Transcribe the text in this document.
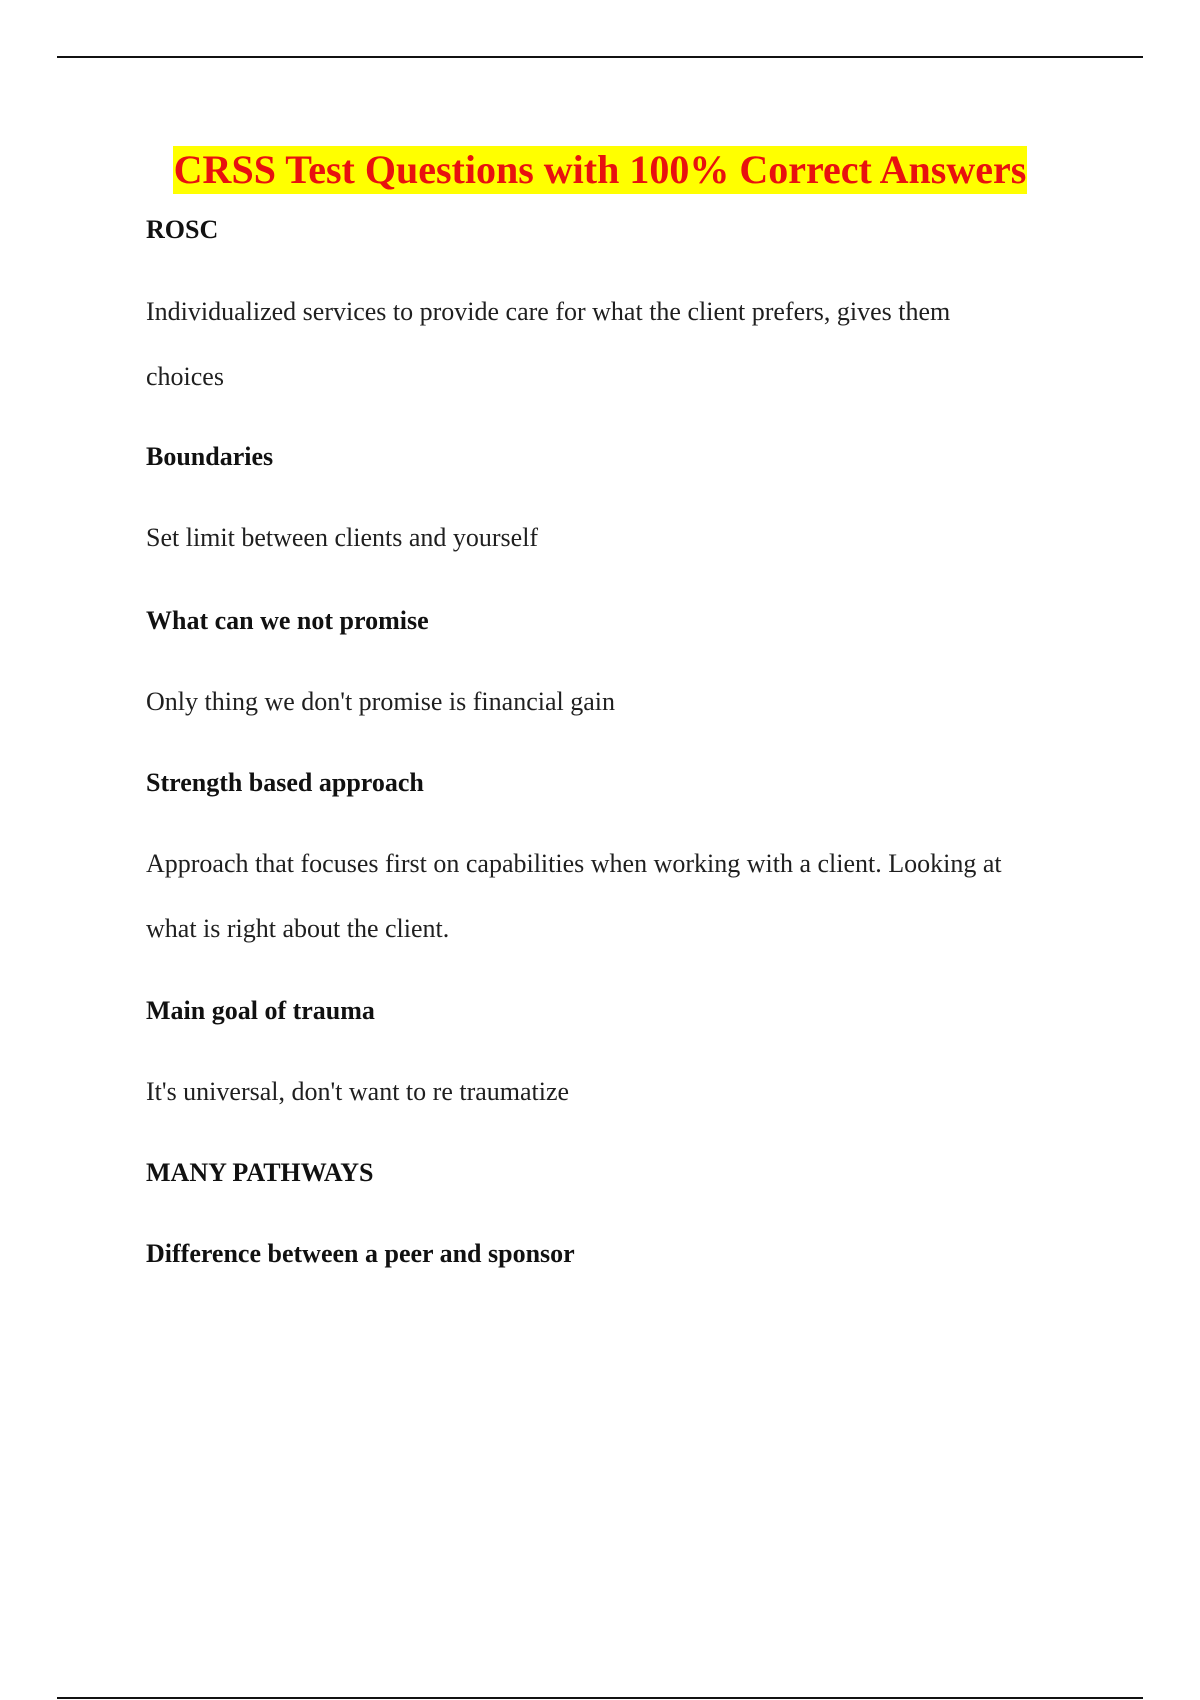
CRSS Test Questions with 100% Correct Answers
ROSC
Individualized services to provide care for what the client prefers, gives them
choices
Boundaries
Set limit between clients and yourself
What can we not promise
Only thing we don't promise is financial gain
Strength based approach
Approach that focuses first on capabilities when working with a client. Looking at
what is right about the client.
Main goal of trauma
It's universal, don't want to re traumatize
MANY PATHWAYS
Difference between a peer and sponsor
